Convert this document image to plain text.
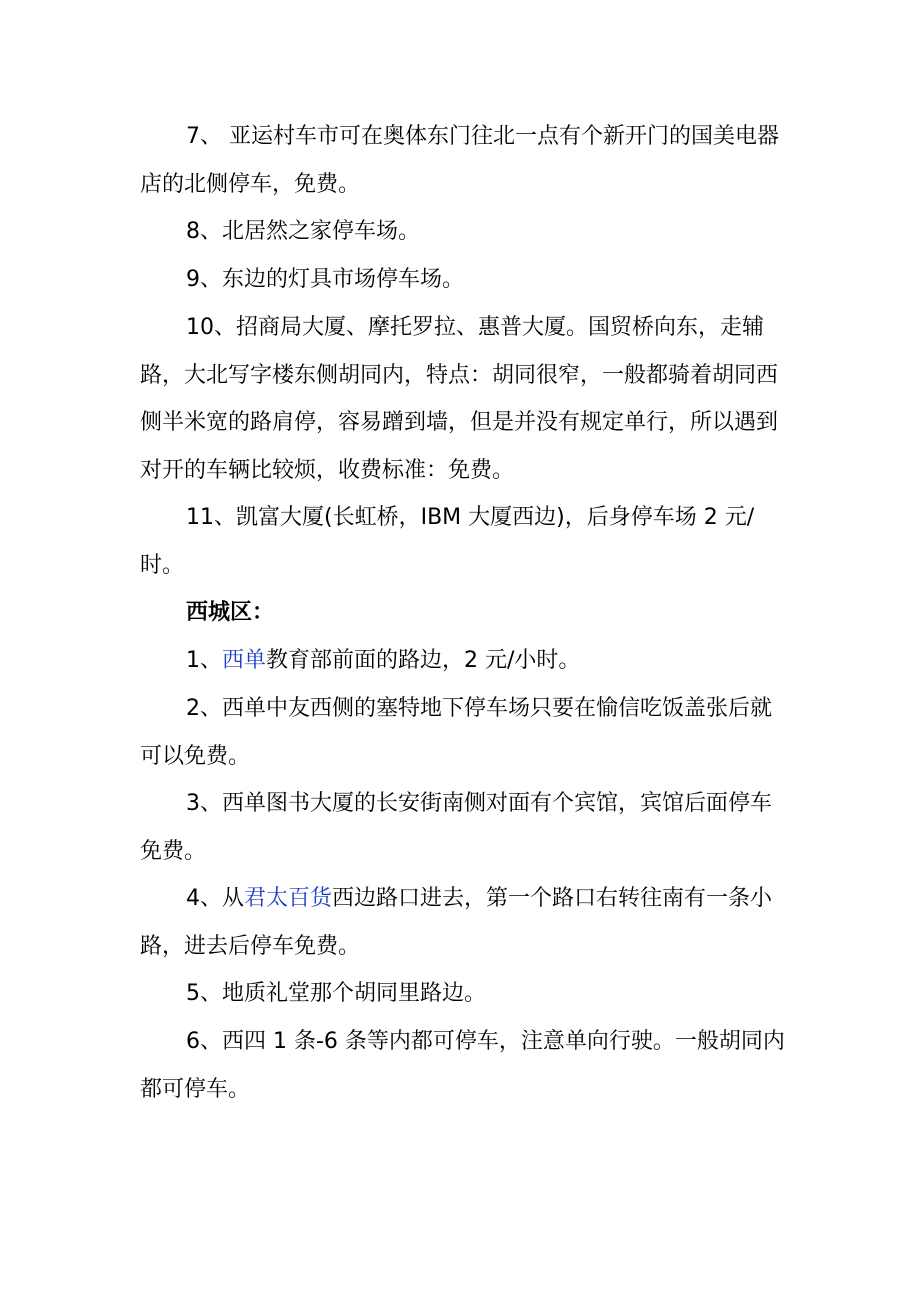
7、 亚运村车市可在奥体东门往北一点有个新开门的国美电器店的北侧停车，免费。

8、北居然之家停车场。

9、东边的灯具市场停车场。

10、招商局大厦、摩托罗拉、惠普大厦。国贸桥向东，走辅路，大北写字楼东侧胡同内，特点：胡同很窄，一般都骑着胡同西侧半米宽的路肩停，容易蹭到墙，但是并没有规定单行，所以遇到对开的车辆比较烦，收费标准：免费。

11、凯富大厦(长虹桥，IBM 大厦西边)，后身停车场 2 元/时。

西城区：

1、西单教育部前面的路边，2 元/小时。

2、西单中友西侧的塞特地下停车场只要在愉信吃饭盖张后就可以免费。

3、西单图书大厦的长安街南侧对面有个宾馆，宾馆后面停车免费。

4、从君太百货西边路口进去，第一个路口右转往南有一条小路，进去后停车免费。

5、地质礼堂那个胡同里路边。

6、西四 1 条-6 条等内都可停车，注意单向行驶。一般胡同内都可停车。
